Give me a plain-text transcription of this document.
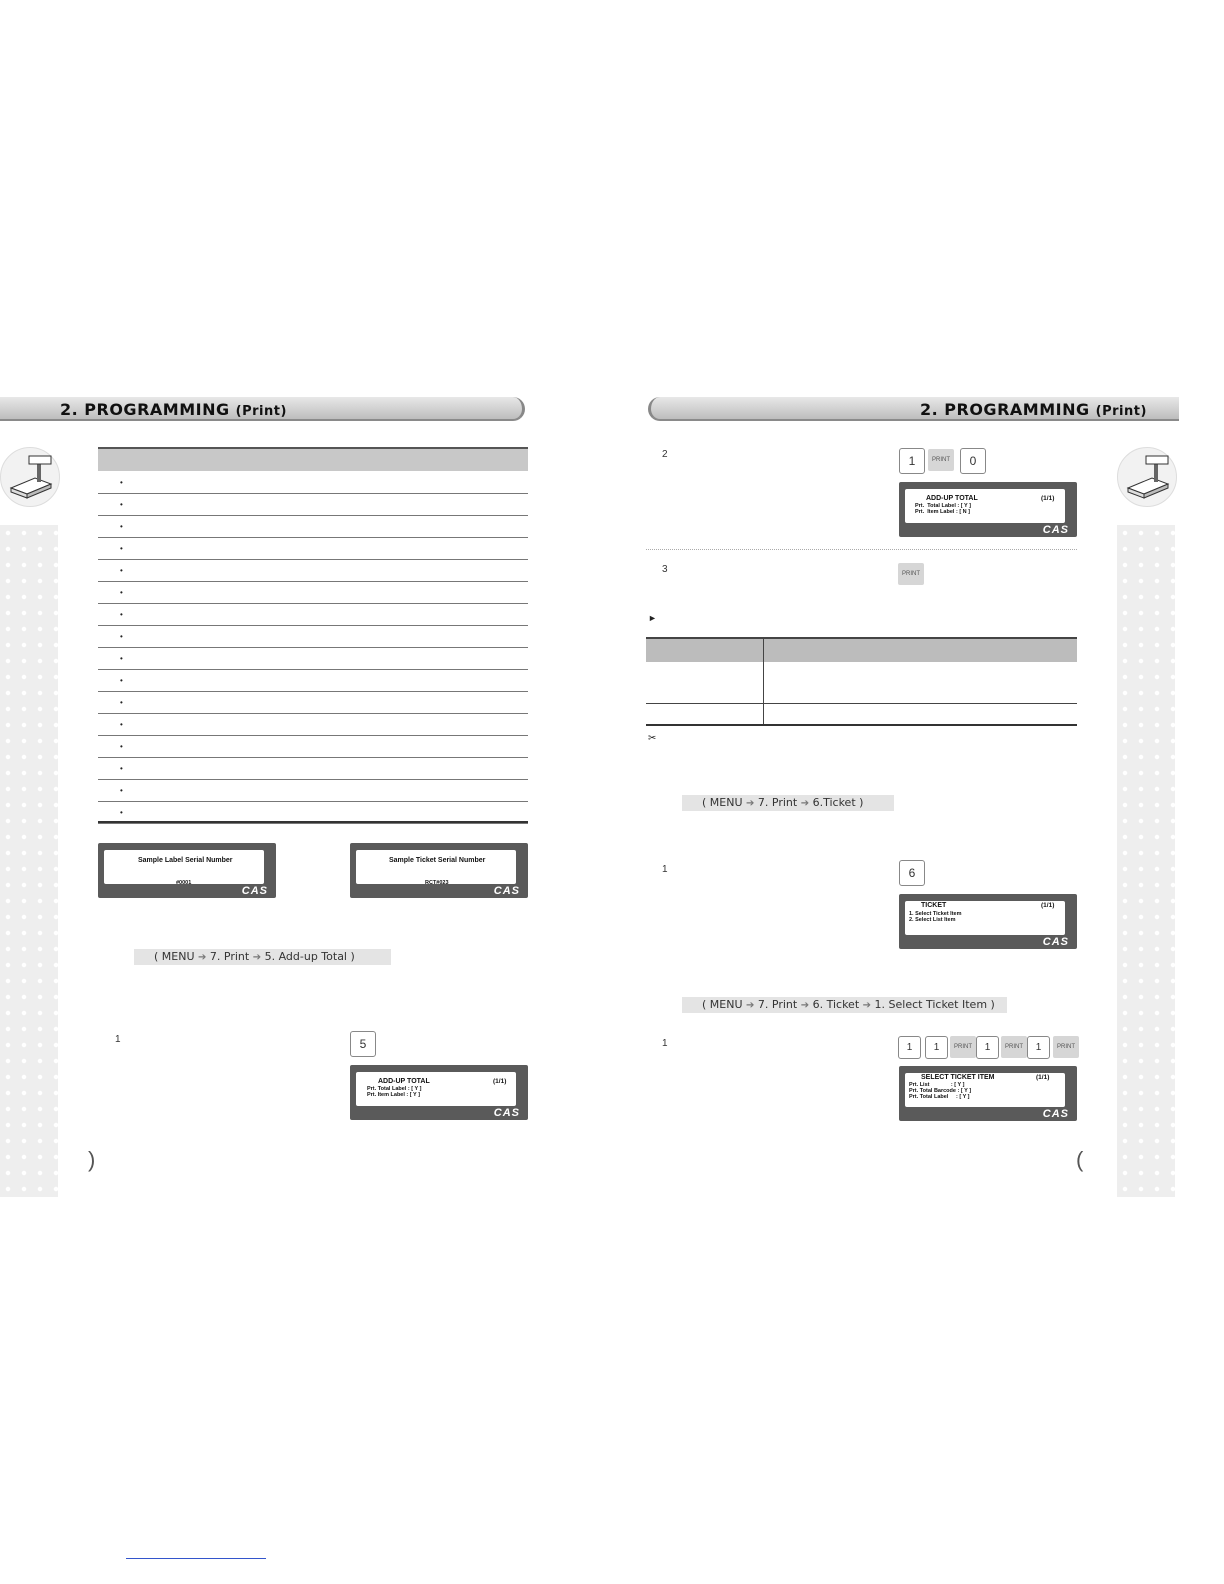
2. PROGRAMMING (Print)	2. PROGRAMMING (Print)
•
•
•
•
•
•
•
•
•
•
•
•
•
•
•
•
Sample Label Serial Number
#0001
CAS
Sample Ticket Serial Number
RCT#023
CAS
( MENU ➔ 7. Print ➔ 5. Add-up Total )
1	5
ADD-UP TOTAL	(1/1)
Prt. Total Label : [ Y ]
Prt. Item Label : [ Y ]
CAS
)
2	1	PRINT	0
ADD-UP TOTAL	(1/1)
Prt.  Total Label : [ Y ]
Prt.  Item Label : [ N ]
CAS
3	PRINT
►
✂
( MENU ➔ 7. Print ➔ 6.Ticket )
1	6
TICKET	(1/1)
1. Select Ticket Item
2. Select List Item
CAS
( MENU ➔ 7. Print ➔ 6. Ticket ➔ 1. Select Ticket Item )
1	1	1	PRINT	1	PRINT	1	PRINT
SELECT TICKET ITEM	(1/1)
Prt. List              : [ Y ]
Prt. Total Barcode : [ Y ]
Prt. Total Label     : [ Y ]
CAS
(
